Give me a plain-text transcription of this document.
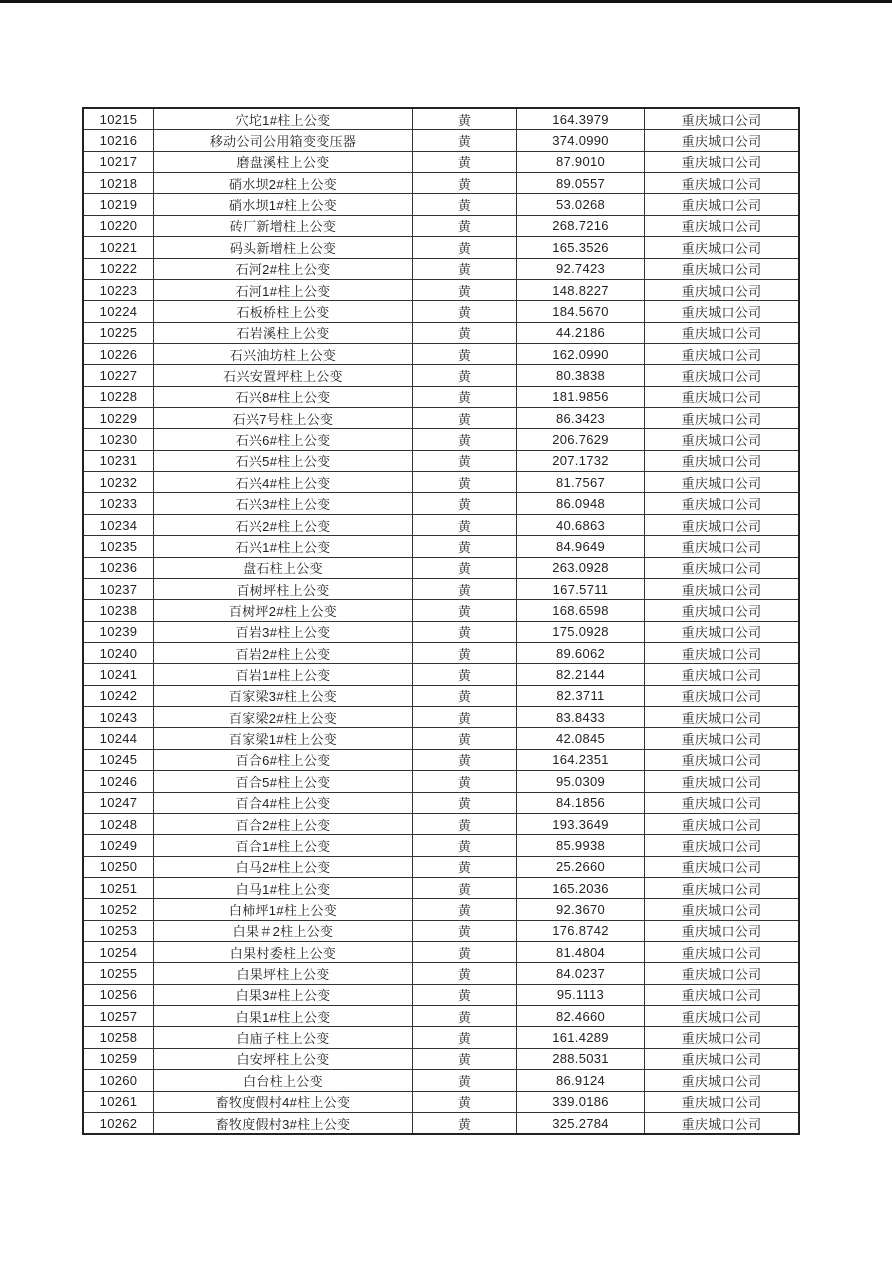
10215	穴坨1#柱上公变	黄	164.3979	重庆城口公司
10216	移动公司公用箱变变压器	黄	374.0990	重庆城口公司
10217	磨盘溪柱上公变	黄	87.9010	重庆城口公司
10218	硝水坝2#柱上公变	黄	89.0557	重庆城口公司
10219	硝水坝1#柱上公变	黄	53.0268	重庆城口公司
10220	砖厂新增柱上公变	黄	268.7216	重庆城口公司
10221	码头新增柱上公变	黄	165.3526	重庆城口公司
10222	石河2#柱上公变	黄	92.7423	重庆城口公司
10223	石河1#柱上公变	黄	148.8227	重庆城口公司
10224	石板桥柱上公变	黄	184.5670	重庆城口公司
10225	石岩溪柱上公变	黄	44.2186	重庆城口公司
10226	石兴油坊柱上公变	黄	162.0990	重庆城口公司
10227	石兴安置坪柱上公变	黄	80.3838	重庆城口公司
10228	石兴8#柱上公变	黄	181.9856	重庆城口公司
10229	石兴7号柱上公变	黄	86.3423	重庆城口公司
10230	石兴6#柱上公变	黄	206.7629	重庆城口公司
10231	石兴5#柱上公变	黄	207.1732	重庆城口公司
10232	石兴4#柱上公变	黄	81.7567	重庆城口公司
10233	石兴3#柱上公变	黄	86.0948	重庆城口公司
10234	石兴2#柱上公变	黄	40.6863	重庆城口公司
10235	石兴1#柱上公变	黄	84.9649	重庆城口公司
10236	盘石柱上公变	黄	263.0928	重庆城口公司
10237	百树坪柱上公变	黄	167.5711	重庆城口公司
10238	百树坪2#柱上公变	黄	168.6598	重庆城口公司
10239	百岩3#柱上公变	黄	175.0928	重庆城口公司
10240	百岩2#柱上公变	黄	89.6062	重庆城口公司
10241	百岩1#柱上公变	黄	82.2144	重庆城口公司
10242	百家梁3#柱上公变	黄	82.3711	重庆城口公司
10243	百家梁2#柱上公变	黄	83.8433	重庆城口公司
10244	百家梁1#柱上公变	黄	42.0845	重庆城口公司
10245	百合6#柱上公变	黄	164.2351	重庆城口公司
10246	百合5#柱上公变	黄	95.0309	重庆城口公司
10247	百合4#柱上公变	黄	84.1856	重庆城口公司
10248	百合2#柱上公变	黄	193.3649	重庆城口公司
10249	百合1#柱上公变	黄	85.9938	重庆城口公司
10250	白马2#柱上公变	黄	25.2660	重庆城口公司
10251	白马1#柱上公变	黄	165.2036	重庆城口公司
10252	白柿坪1#柱上公变	黄	92.3670	重庆城口公司
10253	白果＃2柱上公变	黄	176.8742	重庆城口公司
10254	白果村委柱上公变	黄	81.4804	重庆城口公司
10255	白果坪柱上公变	黄	84.0237	重庆城口公司
10256	白果3#柱上公变	黄	95.1113	重庆城口公司
10257	白果1#柱上公变	黄	82.4660	重庆城口公司
10258	白庙子柱上公变	黄	161.4289	重庆城口公司
10259	白安坪柱上公变	黄	288.5031	重庆城口公司
10260	白台柱上公变	黄	86.9124	重庆城口公司
10261	畜牧度假村4#柱上公变	黄	339.0186	重庆城口公司
10262	畜牧度假村3#柱上公变	黄	325.2784	重庆城口公司
